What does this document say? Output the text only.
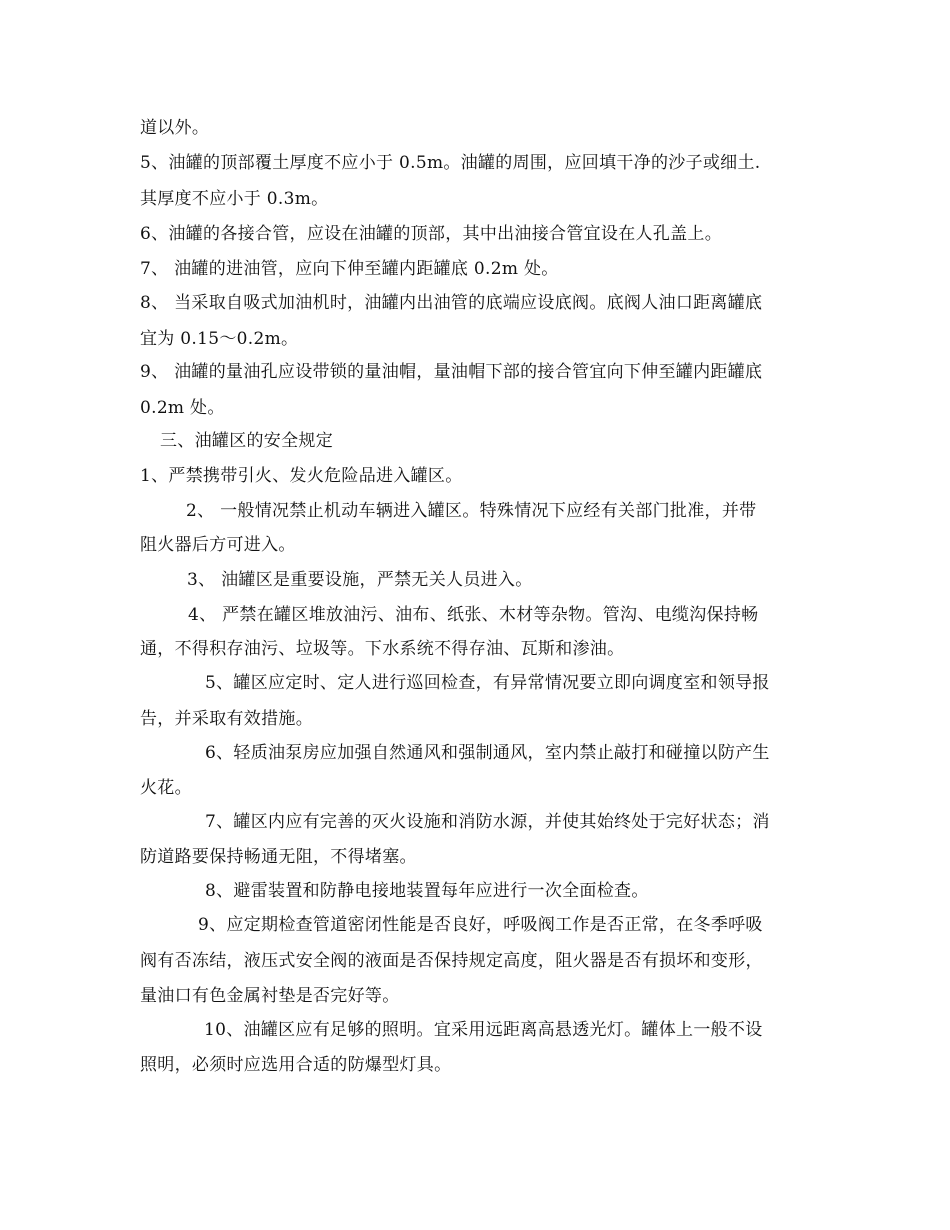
道以外。
5、油罐的顶部覆土厚度不应小于 0.5m。油罐的周围，应回填干净的沙子或细土.
其厚度不应小于 0.3m。
6、油罐的各接合管，应设在油罐的顶部，其中出油接合管宜设在人孔盖上。
7、 油罐的进油管，应向下伸至罐内距罐底 0.2m 处。
8、 当采取自吸式加油机时，油罐内出油管的底端应设底阀。底阀人油口距离罐底
宜为 0.15～0.2m。
9、 油罐的量油孔应设带锁的量油帽，量油帽下部的接合管宜向下伸至罐内距罐底
0.2m 处。
三、油罐区的安全规定
1、严禁携带引火、发火危险品进入罐区。
2、 一般情况禁止机动车辆进入罐区。特殊情况下应经有关部门批准，并带
阻火器后方可进入。
3、 油罐区是重要设施，严禁无关人员进入。
4、 严禁在罐区堆放油污、油布、纸张、木材等杂物。管沟、电缆沟保持畅
通，不得积存油污、垃圾等。下水系统不得存油、瓦斯和渗油。
5、罐区应定时、定人进行巡回检查，有异常情况要立即向调度室和领导报
告，并采取有效措施。
6、轻质油泵房应加强自然通风和强制通风，室内禁止敲打和碰撞以防产生
火花。
7、罐区内应有完善的灭火设施和消防水源，并使其始终处于完好状态；消
防道路要保持畅通无阻，不得堵塞。
8、避雷装置和防静电接地装置每年应进行一次全面检查。
9、应定期检查管道密闭性能是否良好，呼吸阀工作是否正常，在冬季呼吸
阀有否冻结，液压式安全阀的液面是否保持规定高度，阻火器是否有损坏和变形，
量油口有色金属衬垫是否完好等。
10、油罐区应有足够的照明。宜采用远距离高悬透光灯。罐体上一般不设
照明，必须时应选用合适的防爆型灯具。
